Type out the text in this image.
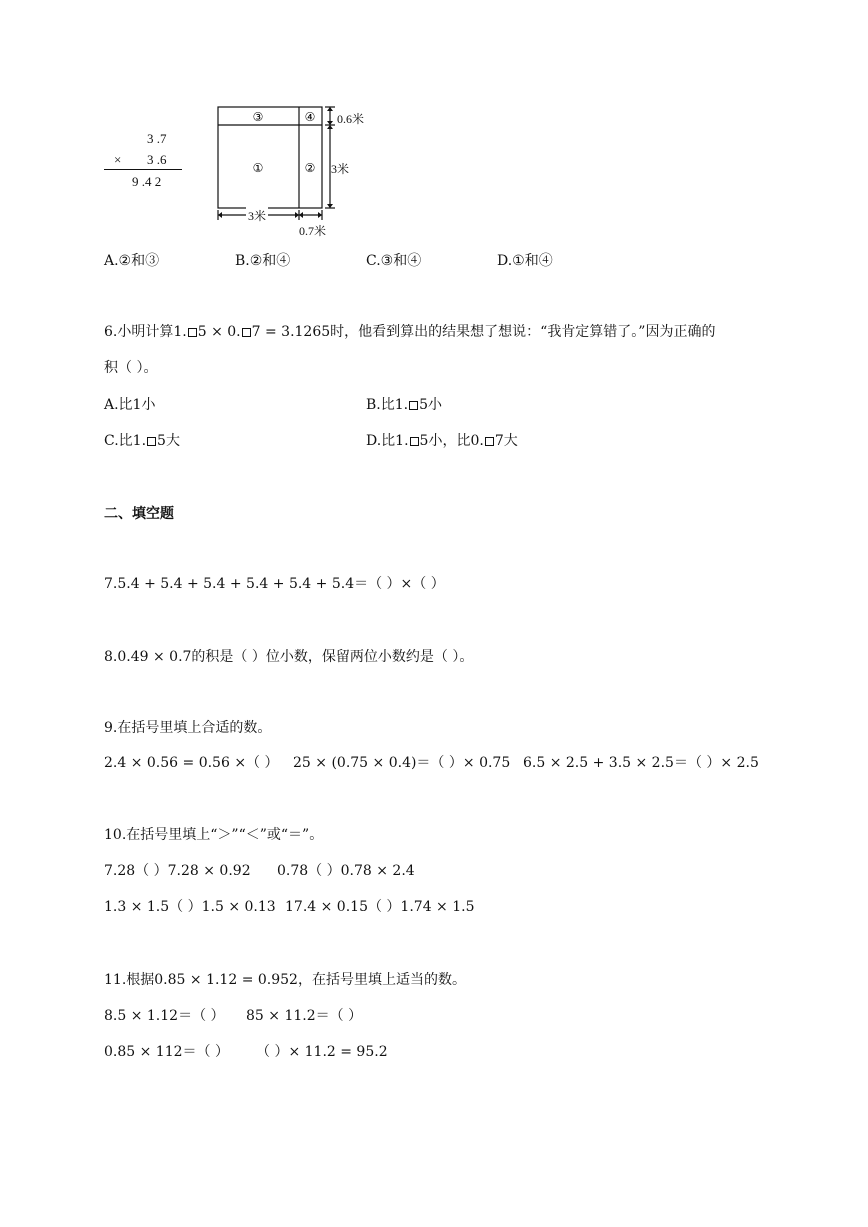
3 .7
× 3 .6
9 .4 2
③	④
①	②
0.6米
3米
3米
0.7米
A.②和③	B.②和④	C.③和④	D.①和④
6.小明计算1. 5 × 0. 7 = 3.1265时，他看到算出的结果想了想说：“我肯定算错了。”因为正确的
积（ ）。
A.比1小	B.比1. 5小
C.比1. 5大	D.比1. 5小，比0. 7大
二、填空题
7.5.4 + 5.4 + 5.4 + 5.4 + 5.4 + 5.4＝（ ）×（ ）
8.0.49 × 0.7的积是（ ）位小数，保留两位小数约是（ ）。
9.在括号里填上合适的数。
2.4 × 0.56 = 0.56 ×（ ） 25 × (0.75 × 0.4)＝（ ）× 0.75 6.5 × 2.5 + 3.5 × 2.5＝（ ）× 2.5
10.在括号里填上“＞”“＜”或“＝”。
7.28（ ）7.28 × 0.92 0.78（ ）0.78 × 2.4
1.3 × 1.5（ ）1.5 × 0.13 17.4 × 0.15（ ）1.74 × 1.5
11.根据0.85 × 1.12 = 0.952，在括号里填上适当的数。
8.5 × 1.12＝（ ） 85 × 11.2＝（ ）
0.85 × 112＝（ ） （ ）× 11.2 = 95.2
